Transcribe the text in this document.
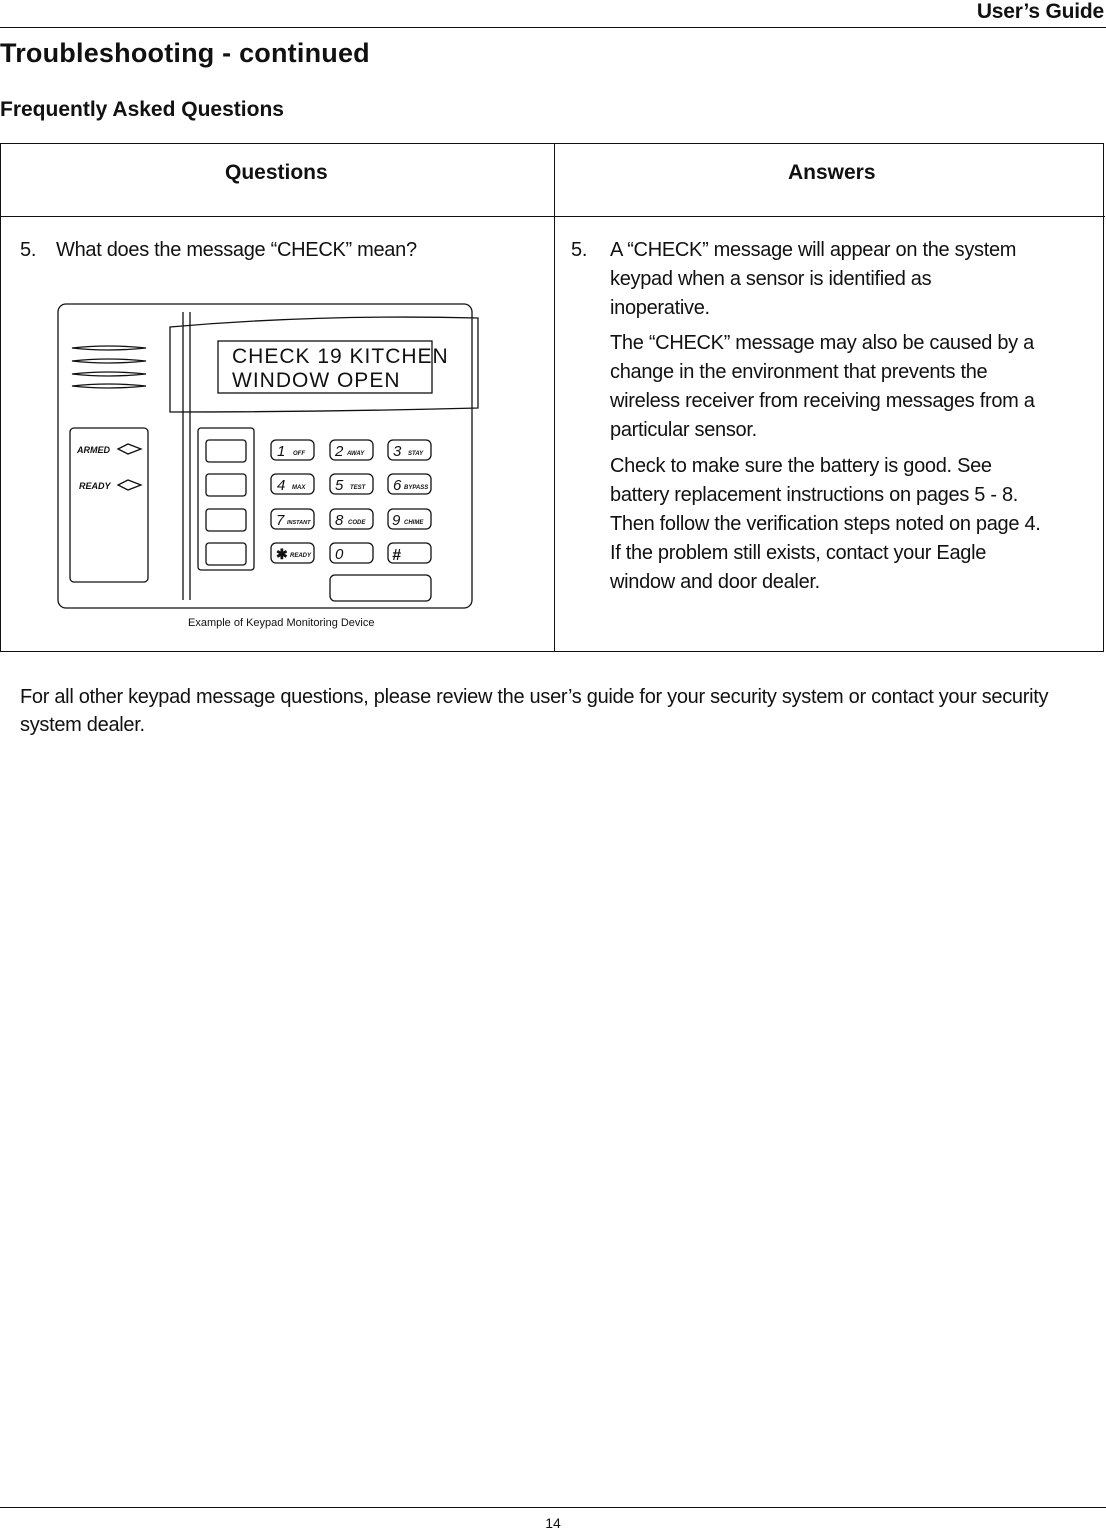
User’s Guide
Troubleshooting - continued
Frequently Asked Questions
Questions	Answers
5. What does the message “CHECK” mean?	5. A “CHECK” message will appear on the system
keypad when a sensor is identified as
inoperative.
The “CHECK” message may also be caused by a
change in the environment that prevents the
wireless receiver from receiving messages from a
particular sensor.
Check to make sure the battery is good. See
battery replacement instructions on pages 5 - 8.
Then follow the verification steps noted on page 4.
If the problem still exists, contact your Eagle
window and door dealer.
CHECK 19 KITCHEN
WINDOW OPEN
ARMED
READY
1 OFF 2 AWAY 3 STAY
4 MAX 5 TEST 6 BYPASS
7 INSTANT 8 CODE 9 CHIME
✱ READY 0	#
Example of Keypad Monitoring Device
For all other keypad message questions, please review the user’s guide for your security system or contact your security system dealer.
14
